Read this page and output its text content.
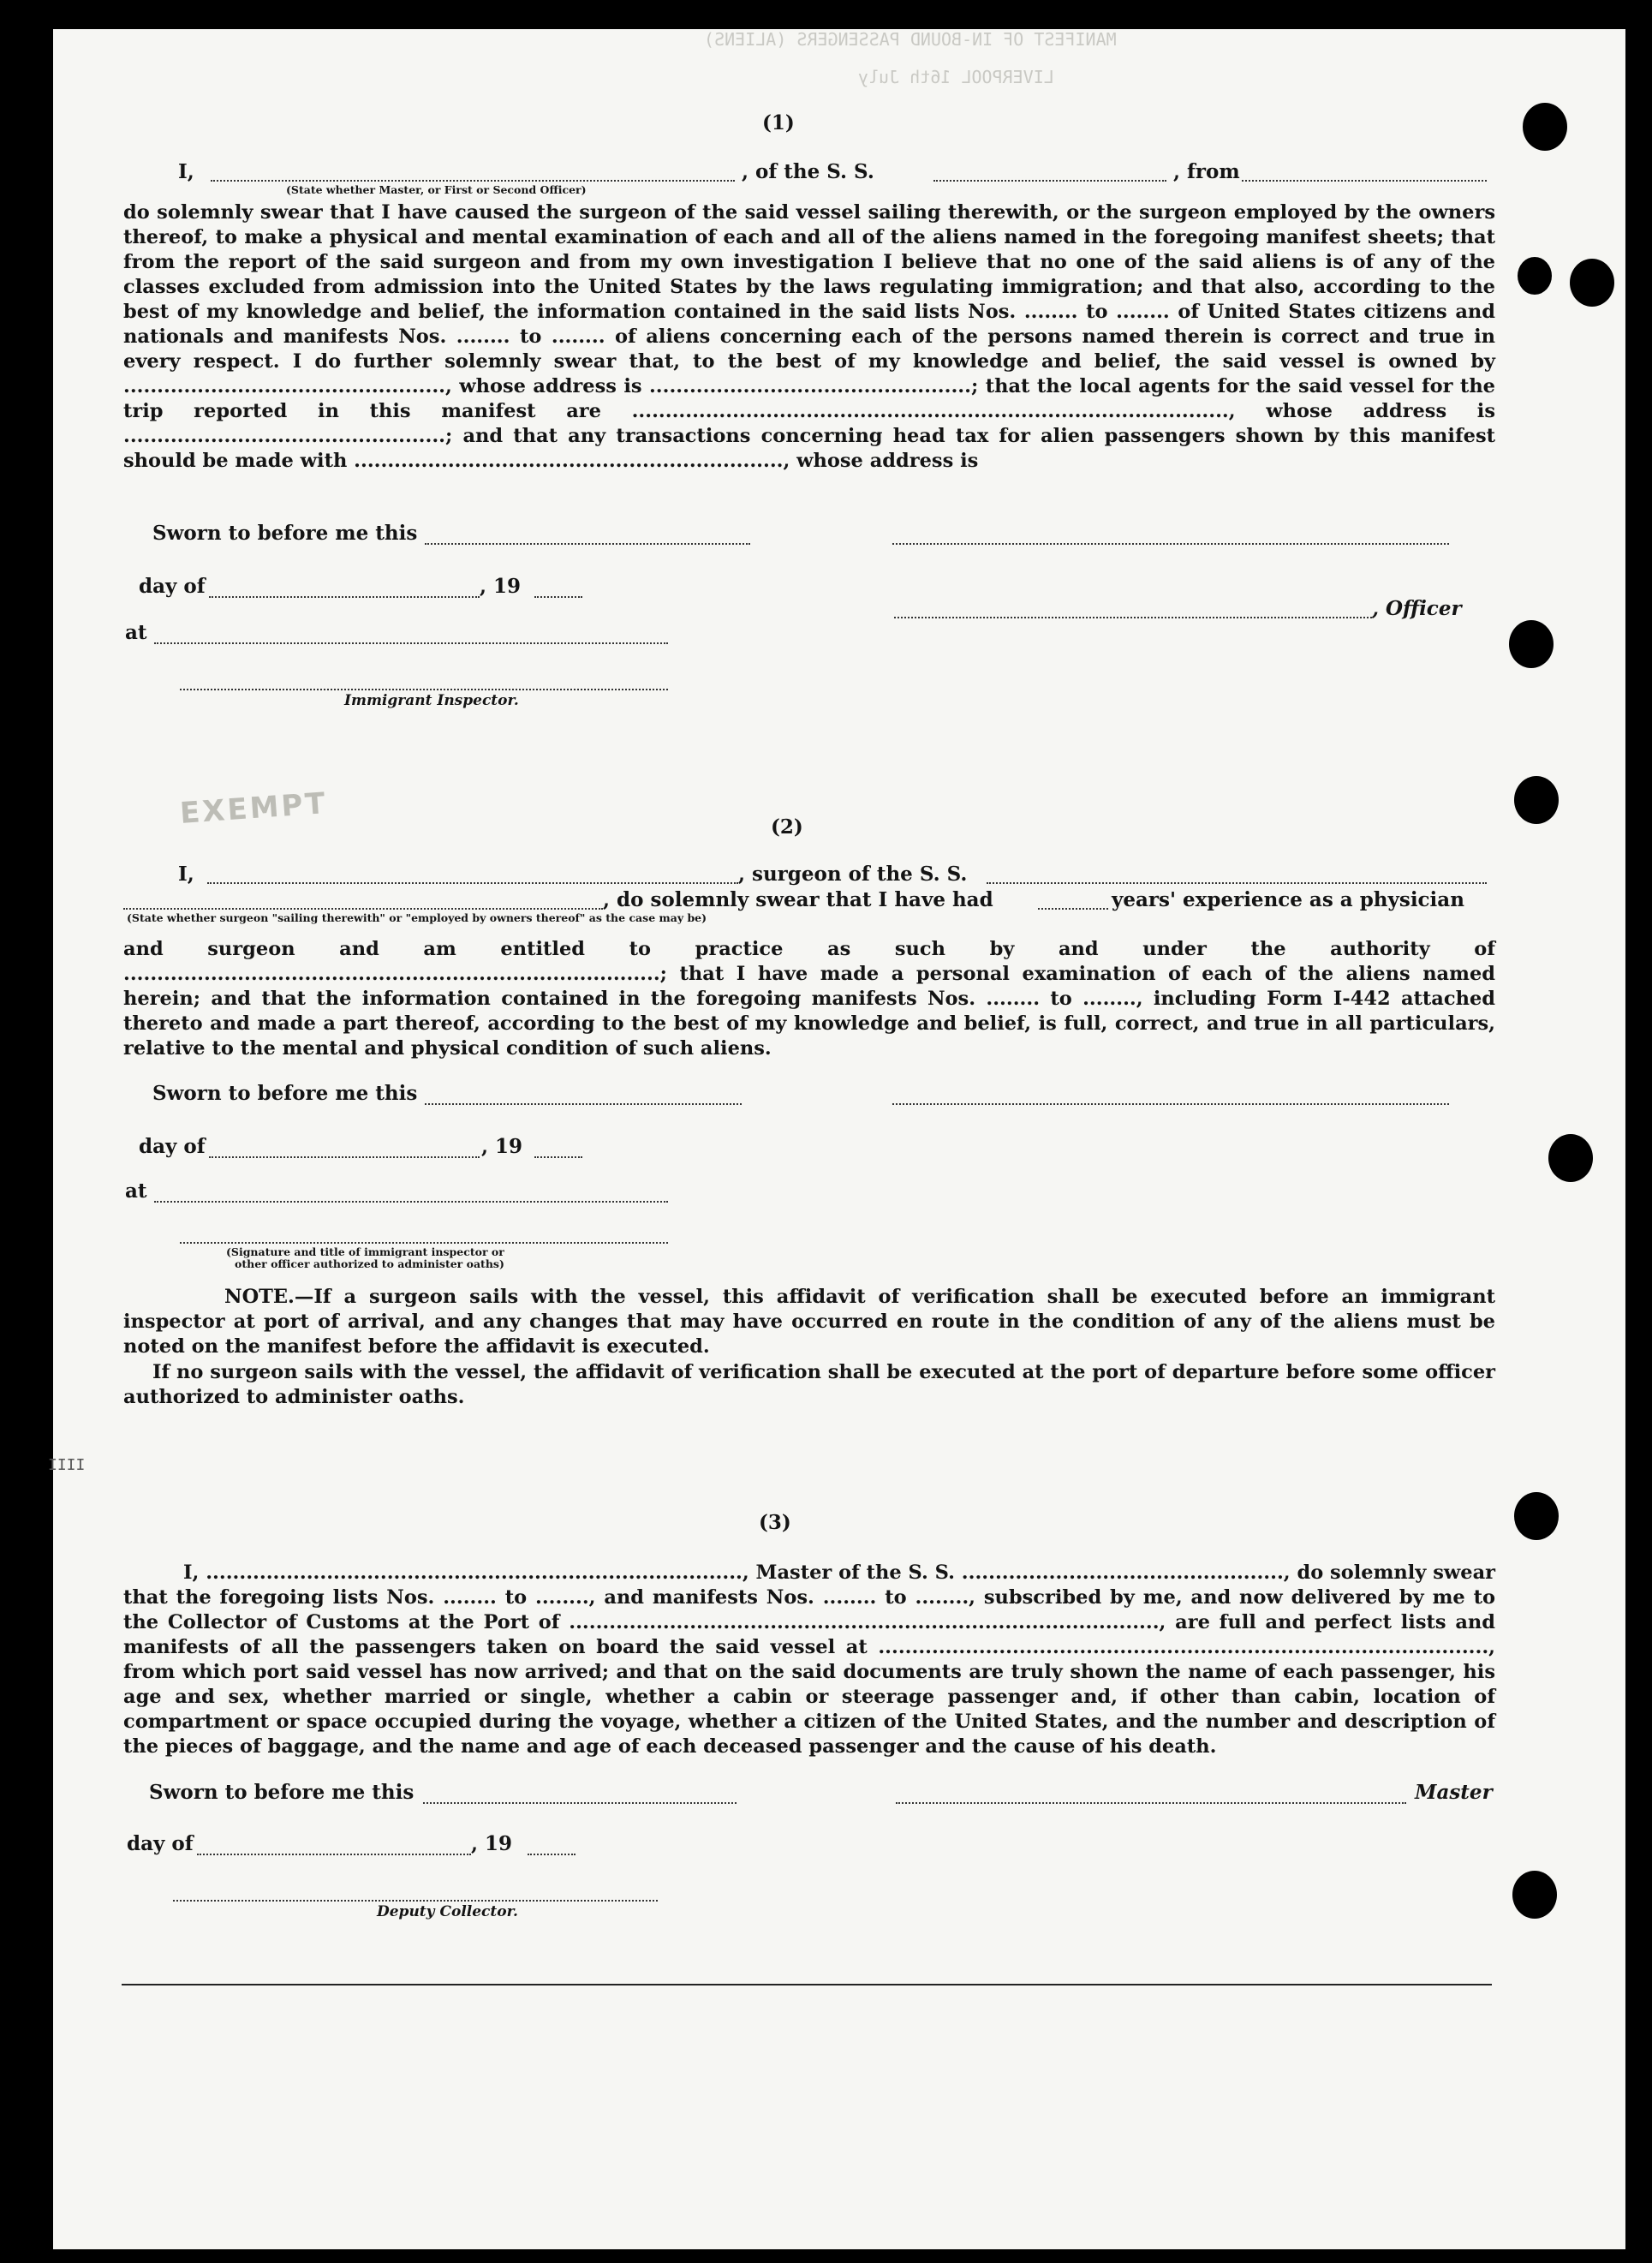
MANIFEST OF IN-BOUND PASSENGERS (ALIENS)
LIVERPOOL 16th July
EXEMPT
IIII
(1)
I,	, of the S. S.	, from
(State whether Master, or First or Second Officer)
do solemnly swear that I have caused the surgeon of the said vessel sailing therewith, or the surgeon employed by the owners thereof, to make a physical and mental examination of each and all of the aliens named in the foregoing manifest sheets; that from the report of the said surgeon and from my own investigation I believe that no one of the said aliens is of any of the classes excluded from admission into the United States by the laws regulating immigration; and that also, according to the best of my knowledge and belief, the information contained in the said lists Nos. ........ to ........ of United States citizens and nationals and manifests Nos. ........ to ........ of aliens concerning each of the persons named therein is correct and true in every respect. I do further solemnly swear that, to the best of my knowledge and belief, the said vessel is owned by ................................................, whose address is ................................................; that the local agents for the said vessel for the trip reported in this manifest are ........................................................................................., whose address is ................................................; and that any transactions concerning head tax for alien passengers shown by this manifest should be made with ................................................................, whose address is
Sworn to before me this
day of	, 19
, Officer
at
Immigrant Inspector.
(2)
I,	, surgeon of the S. S.
, do solemnly swear that I have had	years' experience as a physician
(State whether surgeon "sailing therewith" or "employed by owners thereof" as the case may be)
and surgeon and am entitled to practice as such by and under the authority of ................................................................................; that I have made a personal examination of each of the aliens named herein; and that the information contained in the foregoing manifests Nos. ........ to ........, including Form I-442 attached thereto and made a part thereof, according to the best of my knowledge and belief, is full, correct, and true in all particulars, relative to the mental and physical condition of such aliens.
Sworn to before me this
day of	, 19
at
(Signature and title of immigrant inspector or
other officer authorized to administer oaths)
NOTE.—If a surgeon sails with the vessel, this affidavit of verification shall be executed before an immigrant inspector at port of arrival, and any changes that may have occurred en route in the condition of any of the aliens must be noted on the manifest before the affidavit is executed.
If no surgeon sails with the vessel, the affidavit of verification shall be executed at the port of departure before some officer authorized to administer oaths.
(3)
I, ................................................................................, Master of the S. S. ................................................, do solemnly swear that the foregoing lists Nos. ........ to ........, and manifests Nos. ........ to ........, subscribed by me, and now delivered by me to the Collector of Customs at the Port of ........................................................................................, are full and perfect lists and manifests of all the passengers taken on board the said vessel at ..........................................................................................., from which port said vessel has now arrived; and that on the said documents are truly shown the name of each passenger, his age and sex, whether married or single, whether a cabin or steerage passenger and, if other than cabin, location of compartment or space occupied during the voyage, whether a citizen of the United States, and the number and description of the pieces of baggage, and the name and age of each deceased passenger and the cause of his death.
Sworn to before me this	Master
day of	, 19
Deputy Collector.
